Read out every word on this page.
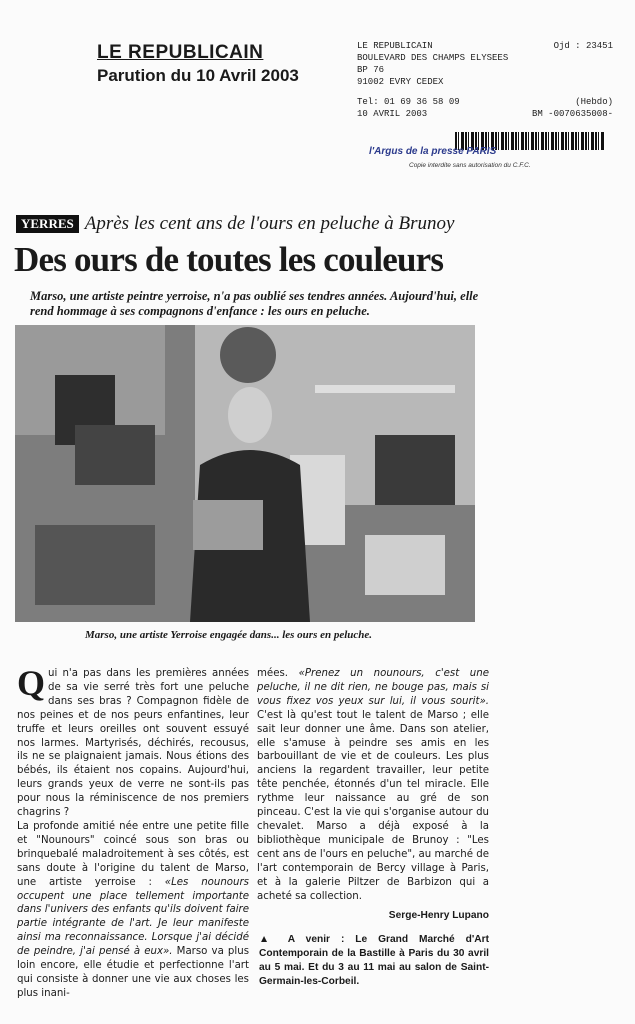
LE REPUBLICAIN
Parution du 10 Avril 2003
LE REPUBLICAIN	Ojd : 23451
BOULEVARD DES CHAMPS ELYSEES
BP 76
91002 EVRY CEDEX
Tel: 01 69 36 58 09	(Hebdo)
10 AVRIL 2003	BM -0070635008-
l'Argus de la presse PARIS
Copie interdite sans autorisation du C.F.C.
YERRES Après les cent ans de l'ours en peluche à Brunoy
Des ours de toutes les couleurs
Marso, une artiste peintre yerroise, n'a pas oublié ses tendres années. Aujourd'hui, elle rend hommage à ses compagnons d'enfance : les ours en peluche.
Marso, une artiste Yerroise engagée dans... les ours en peluche.

Qui n'a pas dans les premières années de sa vie serré très fort une peluche dans ses bras ? Compagnon fidèle de nos peines et de nos peurs enfantines, leur truffe et leurs oreilles ont souvent essuyé nos larmes. Martyrisés, déchirés, recousus, ils ne se plaignaient jamais. Nous étions des bébés, ils étaient nos copains. Aujourd'hui, leurs grands yeux de verre ne sont-ils pas pour nous la réminiscence de nos premiers chagrins ?

La profonde amitié née entre une petite fille et "Nounours" coincé sous son bras ou brinquebalé maladroitement à ses côtés, est sans doute à l'origine du talent de Marso, une artiste yerroise : «Les nounours occupent une place tellement importante dans l'univers des enfants qu'ils doivent faire partie intégrante de l'art. Je leur manifeste ainsi ma reconnaissance. Lorsque j'ai décidé de peindre, j'ai pensé à eux». Marso va plus loin encore, elle étudie et perfectionne l'art qui consiste à donner une vie aux choses les plus inani-

mées. «Prenez un nounours, c'est une peluche, il ne dit rien, ne bouge pas, mais si vous fixez vos yeux sur lui, il vous sourit». C'est là qu'est tout le talent de Marso ; elle sait leur donner une âme. Dans son atelier, elle s'amuse à peindre ses amis en les barbouillant de vie et de couleurs. Les plus anciens la regardent travailler, leur petite tête penchée, étonnés d'un tel miracle. Elle rythme leur naissance au gré de son pinceau. C'est la vie qui s'organise autour du chevalet. Marso a déjà exposé à la bibliothèque municipale de Brunoy : "Les cent ans de l'ours en peluche", au marché de l'art contemporain de Bercy village à Paris, et à la galerie Piltzer de Barbizon qui a acheté sa collection.

Serge-Henry Lupano

▲ A venir : Le Grand Marché d'Art Contemporain de la Bastille à Paris du 30 avril au 5 mai. Et du 3 au 11 mai au salon de Saint-Germain-les-Corbeil.
